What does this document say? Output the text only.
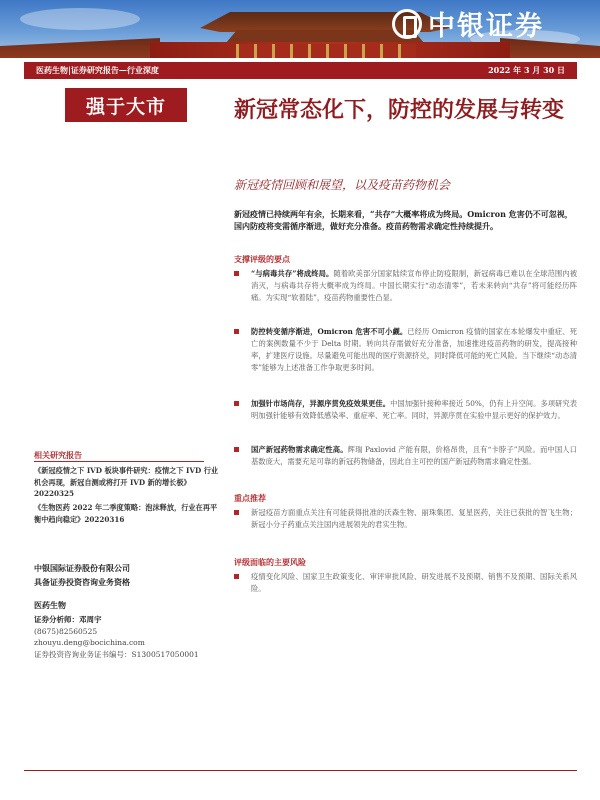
中银证券
医药生物|证券研究报告—行业深度	2022 年 3 月 30 日
强于大市	新冠常态化下，防控的发展与转变
新冠疫情回顾和展望，以及疫苗药物机会
新冠疫情已持续两年有余，长期来看，“共存”大概率将成为终局。Omicron 危害仍不可忽视，国内防疫将变需循序渐进，做好充分准备。疫苗药物需求确定性持续提升。
支撑评级的要点
“与病毒共存”将成终局。随着欧美部分国家陆续宣布停止防疫限制，新冠病毒已难以在全球范围内被消灭，与病毒共存将大概率成为终局。中国长期实行“动态清零”，若未来转向“共存”将可能经历阵痛。为实现“软着陆”，疫苗药物重要性凸显。
防控转变循序渐进，Omicron 危害不可小觑。已经历 Omicron 疫情的国家在本轮爆发中重症、死亡的案例数量不少于 Delta 时期。转向共存需做好充分准备，加速推进疫苗药物的研发，提高接种率，扩建医疗设施。尽量避免可能出现的医疗资源挤兑，同时降低可能的死亡风险。当下继续“动态清零”能够为上述准备工作争取更多时间。
加强针市场尚存，异源序贯免疫效果更佳。中国加强针接种率接近 50%，仍有上升空间。多项研究表明加强针能够有效降低感染率、重症率、死亡率。同时，异源序贯在实验中显示更好的保护效力。
国产新冠药物需求确定性高。辉瑞 Paxlovid 产能有限，价格昂贵，且有“卡脖子”风险。而中国人口基数庞大，需要充足可靠的新冠药物储备，因此自主可控的国产新冠药物需求确定性强。
重点推荐
新冠疫苗方面重点关注有可能获得批准的沃森生物、丽珠集团、复星医药，关注已获批的智飞生物；新冠小分子药重点关注国内进展领先的君实生物。
评级面临的主要风险
疫情变化风险、国家卫生政策变化、审评审批风险、研发进展不及预期、销售不及预期、国际关系风险。
相关研究报告
《新冠疫情之下 IVD 板块事件研究：疫情之下 IVD 行业机会再现，新冠自测或将打开 IVD 新的增长极》20220325
《生物医药 2022 年二季度策略：泡沫释放，行业在再平衡中趋向稳定》20220316
中银国际证券股份有限公司
具备证券投资咨询业务资格
医药生物
证券分析师：邓周宇
(8675)82560525
zhouyu.deng@bocichina.com
证券投资咨询业务证书编号：S1300517050001
